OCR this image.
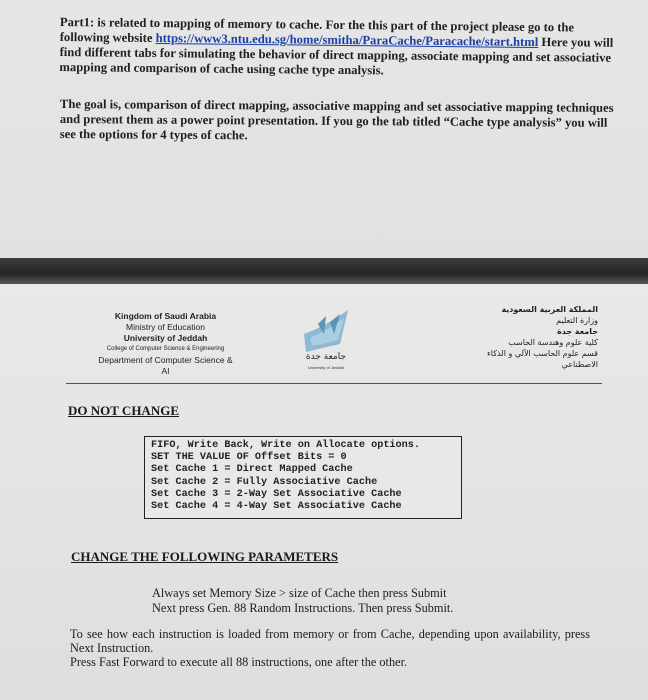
Part1: is related to mapping of memory to cache. For the this part of the project please go to the following website https://www3.ntu.edu.sg/home/smitha/ParaCache/Paracache/start.html Here you will find different tabs for simulating the behavior of direct mapping, associate mapping and set associative mapping and comparison of cache using cache type analysis.

The goal is, comparison of direct mapping, associative mapping and set associative mapping techniques and present them as a power point presentation. If you go the tab titled “Cache type analysis” you will see the options for 4 types of cache.

Kingdom of Saudi Arabia
Ministry of Education
University of Jeddah
College of Computer Science & Engineering
Department of Computer Science & AI
جامعة جدة
University of Jeddah
المملكة العربية السعودية
وزارة التعليم
جامعة جدة
كلية علوم وهندسة الحاسب
قسم علوم الحاسب الآلي و الذكاء الاصطناعي
DO NOT CHANGE
FIFO, Write Back, Write on Allocate options.
SET THE VALUE OF Offset Bits = 0
Set Cache 1 = Direct Mapped Cache
Set Cache 2 = Fully Associative Cache
Set Cache 3 = 2-Way Set Associative Cache
Set Cache 4 = 4-Way Set Associative Cache
CHANGE THE FOLLOWING PARAMETERS
Always set Memory Size > size of Cache then press Submit
Next press Gen. 88 Random Instructions. Then press Submit.
To see how each instruction is loaded from memory or from Cache, depending upon availability, press Next Instruction.
Press Fast Forward to execute all 88 instructions, one after the other.
